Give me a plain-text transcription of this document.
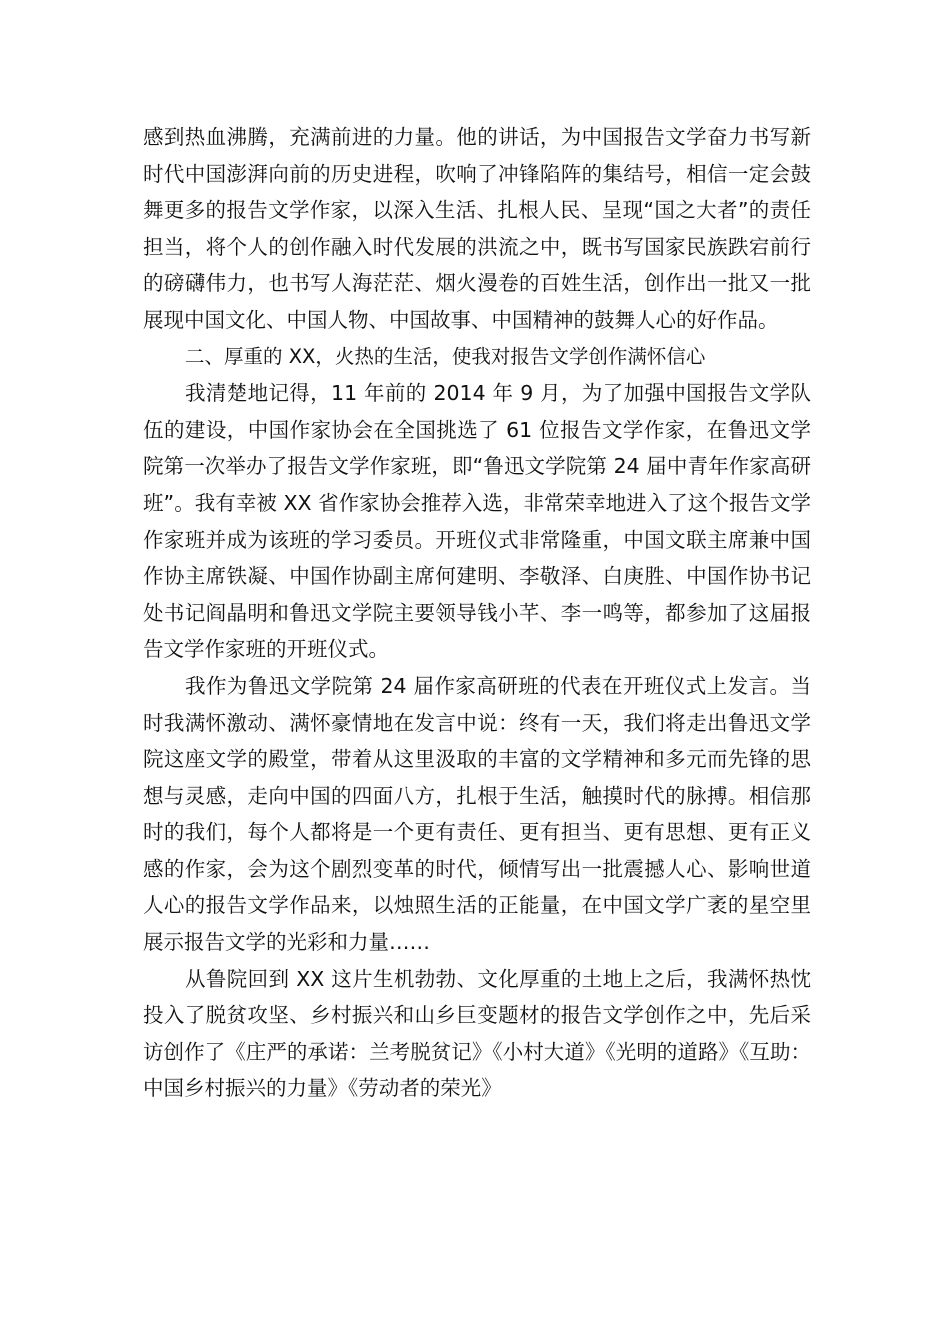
感到热血沸腾，充满前进的力量。他的讲话，为中国报告文学奋力书写新时代中国澎湃向前的历史进程，吹响了冲锋陷阵的集结号，相信一定会鼓舞更多的报告文学作家，以深入生活、扎根人民、呈现“国之大者”的责任担当，将个人的创作融入时代发展的洪流之中，既书写国家民族跌宕前行的磅礴伟力，也书写人海茫茫、烟火漫卷的百姓生活，创作出一批又一批展现中国文化、中国人物、中国故事、中国精神的鼓舞人心的好作品。

二、厚重的 XX，火热的生活，使我对报告文学创作满怀信心

我清楚地记得，11 年前的 2014 年 9 月，为了加强中国报告文学队伍的建设，中国作家协会在全国挑选了 61 位报告文学作家，在鲁迅文学院第一次举办了报告文学作家班，即“鲁迅文学院第 24 届中青年作家高研班”。我有幸被 XX 省作家协会推荐入选，非常荣幸地进入了这个报告文学作家班并成为该班的学习委员。开班仪式非常隆重，中国文联主席兼中国作协主席铁凝、中国作协副主席何建明、李敬泽、白庚胜、中国作协书记处书记阎晶明和鲁迅文学院主要领导钱小芊、李一鸣等，都参加了这届报告文学作家班的开班仪式。

我作为鲁迅文学院第 24 届作家高研班的代表在开班仪式上发言。当时我满怀激动、满怀豪情地在发言中说：终有一天，我们将走出鲁迅文学院这座文学的殿堂，带着从这里汲取的丰富的文学精神和多元而先锋的思想与灵感，走向中国的四面八方，扎根于生活，触摸时代的脉搏。相信那时的我们，每个人都将是一个更有责任、更有担当、更有思想、更有正义感的作家，会为这个剧烈变革的时代，倾情写出一批震撼人心、影响世道人心的报告文学作品来，以烛照生活的正能量，在中国文学广袤的星空里展示报告文学的光彩和力量……

从鲁院回到 XX 这片生机勃勃、文化厚重的土地上之后，我满怀热忱投入了脱贫攻坚、乡村振兴和山乡巨变题材的报告文学创作之中，先后采访创作了《庄严的承诺：兰考脱贫记》《小村大道》《光明的道路》《互助：中国乡村振兴的力量》《劳动者的荣光》
